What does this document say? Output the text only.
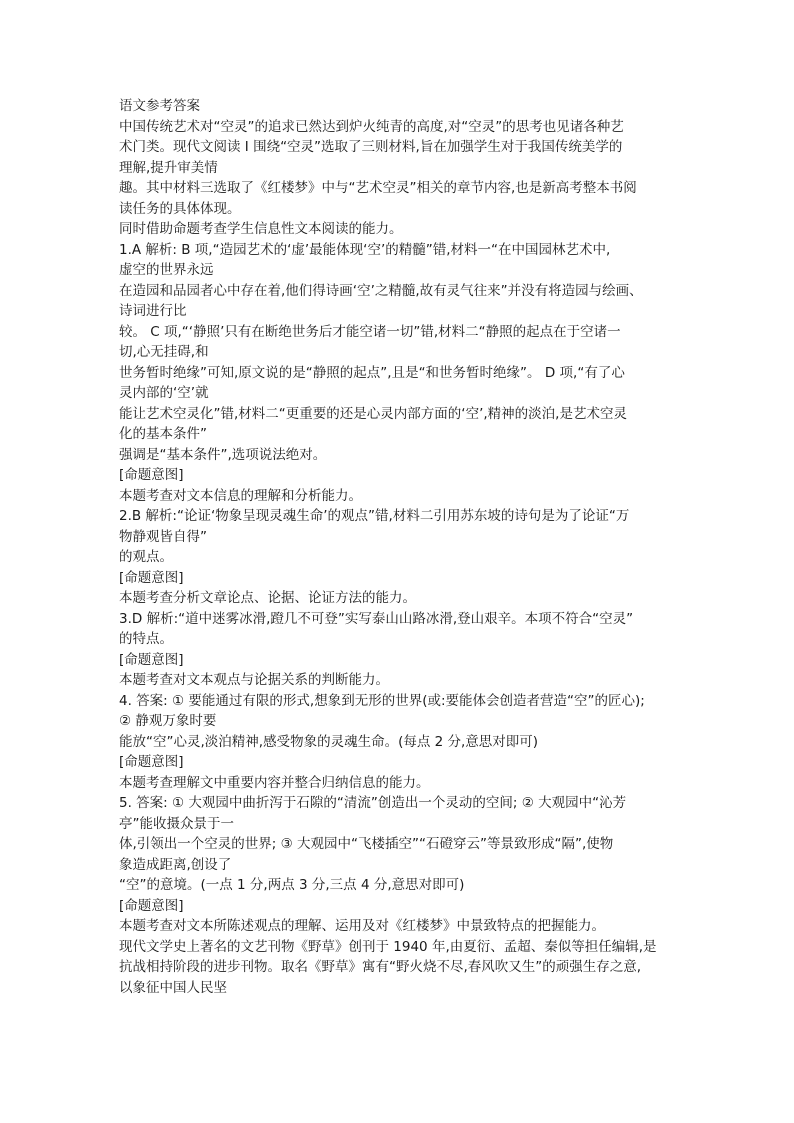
语文参考答案
中国传统艺术对“空灵”的追求已然达到炉火纯青的高度,对“空灵”的思考也见诸各种艺
术门类。现代文阅读 Ⅰ 围绕“空灵”选取了三则材料,旨在加强学生对于我国传统美学的
理解,提升审美情
趣。其中材料三选取了《红楼梦》中与“艺术空灵”相关的章节内容,也是新高考整本书阅
读任务的具体体现。
同时借助命题考查学生信息性文本阅读的能力。
1.A 解析: B 项,“造园艺术的‘虚’最能体现‘空’的精髓”错,材料一“在中国园林艺术中,
虚空的世界永远
在造园和品园者心中存在着,他们得诗画‘空’之精髓,故有灵气往来”并没有将造园与绘画、
诗词进行比
较。 C 项,“‘静照’只有在断绝世务后才能空诸一切”错,材料二“静照的起点在于空诸一
切,心无挂碍,和
世务暂时绝缘”可知,原文说的是“静照的起点”,且是“和世务暂时绝缘”。 D 项,“有了心
灵内部的‘空’就
能让艺术空灵化”错,材料二“更重要的还是心灵内部方面的‘空’,精神的淡泊,是艺术空灵
化的基本条件”
强调是“基本条件”,选项说法绝对。
[命题意图]
本题考查对文本信息的理解和分析能力。
2.B 解析:“论证‘物象呈现灵魂生命’的观点”错,材料二引用苏东坡的诗句是为了论证“万
物静观皆自得”
的观点。
[命题意图]
本题考查分析文章论点、论据、论证方法的能力。
3.D 解析:“道中迷雾冰滑,蹬几不可登”实写泰山山路冰滑,登山艰辛。本项不符合“空灵”
的特点。
[命题意图]
本题考查对文本观点与论据关系的判断能力。
4. 答案: ① 要能通过有限的形式,想象到无形的世界(或:要能体会创造者营造“空”的匠心);
② 静观万象时要
能放“空”心灵,淡泊精神,感受物象的灵魂生命。(每点 2 分,意思对即可)
[命题意图]
本题考查理解文中重要内容并整合归纳信息的能力。
5. 答案: ① 大观园中曲折泻于石隙的“清流”创造出一个灵动的空间; ② 大观园中“沁芳
亭”能收摄众景于一
体,引领出一个空灵的世界; ③ 大观园中“飞楼插空”“石磴穿云”等景致形成“隔”,使物
象造成距离,创设了
“空”的意境。(一点 1 分,两点 3 分,三点 4 分,意思对即可)
[命题意图]
本题考查对文本所陈述观点的理解、运用及对《红楼梦》中景致特点的把握能力。
现代文学史上著名的文艺刊物《野草》创刊于 1940 年,由夏衍、孟超、秦似等担任编辑,是
抗战相持阶段的进步刊物。取名《野草》寓有“野火烧不尽,春风吹又生”的顽强生存之意,
以象征中国人民坚
